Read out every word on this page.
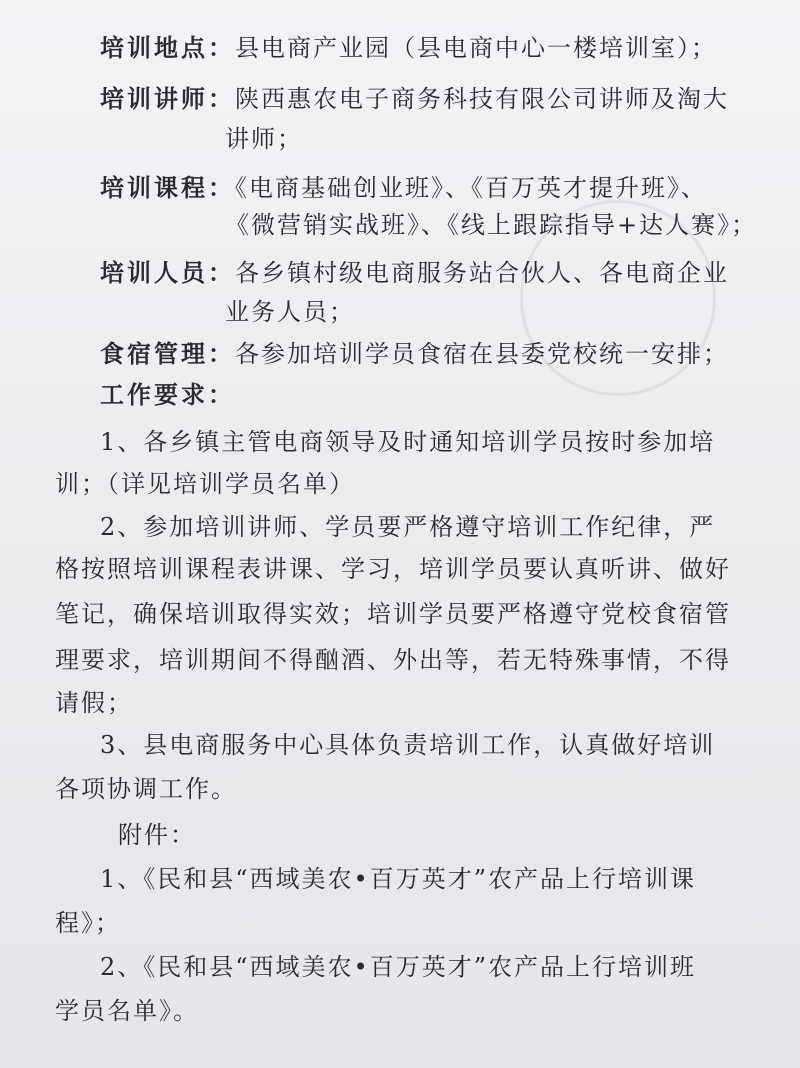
培训地点：县电商产业园（县电商中心一楼培训室）；
培训讲师：陕西惠农电子商务科技有限公司讲师及淘大
讲师；
培训课程：《电商基础创业班》、《百万英才提升班》、
《微营销实战班》、《线上跟踪指导+达人赛》；
培训人员：各乡镇村级电商服务站合伙人、各电商企业
业务人员；
食宿管理：各参加培训学员食宿在县委党校统一安排；
工作要求：
1、各乡镇主管电商领导及时通知培训学员按时参加培
训；（详见培训学员名单）
2、参加培训讲师、学员要严格遵守培训工作纪律，严
格按照培训课程表讲课、学习，培训学员要认真听讲、做好
笔记，确保培训取得实效；培训学员要严格遵守党校食宿管
理要求，培训期间不得酗酒、外出等，若无特殊事情，不得
请假；
3、县电商服务中心具体负责培训工作，认真做好培训
各项协调工作。
附件：
1、《民和县“西域美农•百万英才”农产品上行培训课
程》；
2、《民和县“西域美农•百万英才”农产品上行培训班
学员名单》。
